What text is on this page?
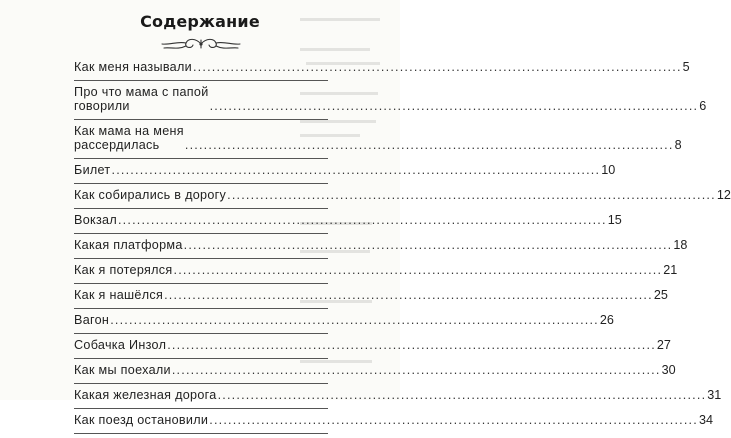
Содержание
Как меня называли .....	5
Про что мама с папой
говорили .....	6
Как мама на меня
рассердилась .....	8
Билет .....	10
Как собирались в дорогу .....	12
Вокзал .....	15
Какая платформа .....	18
Как я потерялся .....	21
Как я нашёлся .....	25
Вагон .....	26
Собачка Инзол .....	27
Как мы поехали .....	30
Какая железная дорога .....	31
Как поезд остановили .....	34
